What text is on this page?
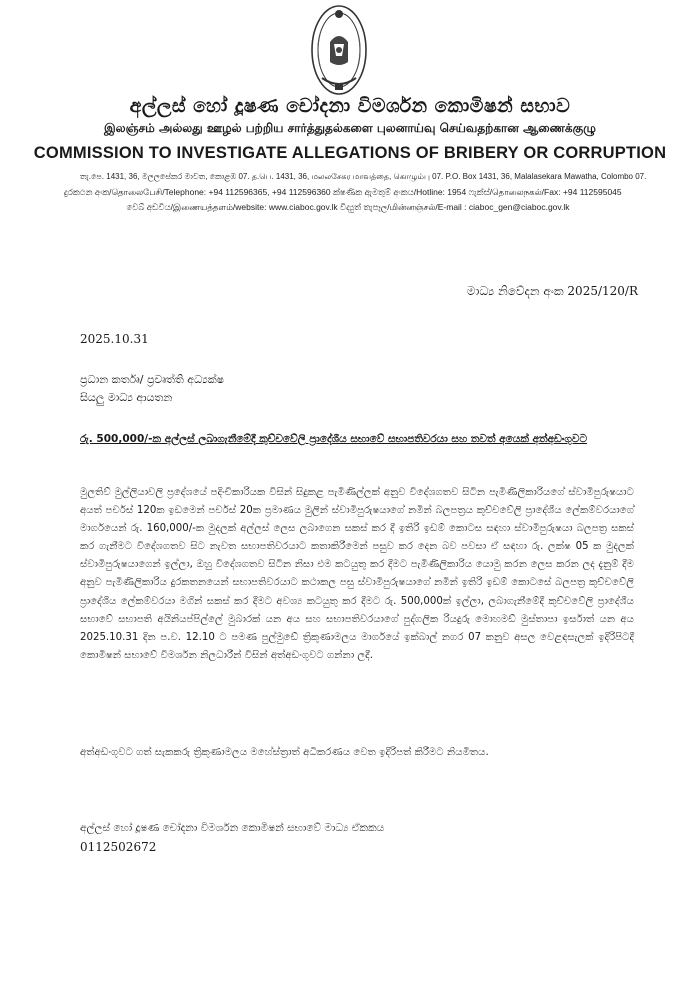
අල්ලස් හෝ දූෂණ චෝදනා විමර්ශන කොමිෂන් සභාව
இலஞ்சம் அல்லது ஊழல் பற்றிய சார்த்துதல்களை புலனாய்வு செய்வதற்கான ஆணைக்குழு
COMMISSION TO INVESTIGATE ALLEGATIONS OF BRIBERY OR CORRUPTION
තැ.පෙ. 1431, 36, මලලසේකර මාවත, කොළඹ 07. த.பெ. 1431, 36, மலலசேகர மாவத்தை, கொழும்பு 07. P.O. Box 1431, 36, Malalasekara Mawatha, Colombo 07.
දුරකථන අංක/தொலைபேசி/Telephone: +94 112596365, +94 112596360 ක්ෂණික ඇමතුම් අංකය/Hotline: 1954 ෆැක්ස්/தொலைநகல்/Fax: +94 112595045
වෙබ් අඩවිය/இணையத்தளம்/website: www.ciaboc.gov.lk විද්‍යුත් තැපෑල/மின்னஞ்சல்/E-mail : ciaboc_gen@ciaboc.gov.lk
මාධ්‍ය නිවේදන අංක 2025/120/R
2025.10.31
ප්‍රධාන කර්තෘ/ ප්‍රවෘත්ති අධ්‍යක්ෂ
සියලු මාධ්‍ය ආයතන
රු. 500,000/-ක අල්ලස් ලබාගැනීමේදී කුච්චවේලි ප්‍රාදේශීය සභාවේ සභාපතිවරයා සහ තවත් අයෙක් අත්අඩංගුවට
මුලතිව් මුල්ලියාවලි ප්‍රදේශයේ පදිංචිකාරියක විසින් සිදුකළ පැමිණිල්ලක් අනුව විදේශගතව සිටින පැමිණිලිකාරියගේ ස්වාමිපුරුෂයාට අයත් පර්චස් 120ක ඉඩමෙන් පර්චස් 20ක ප්‍රමාණය මුලින් ස්වාමිපුරුෂයාගේ නමින් බලපත්‍රය කුච්චවේලි ප්‍රාදේශීය ලේකම්වරයාගේ මාර්ගයෙන් රු. 160,000/-ක මුදලක් අල්ලස් ලෙස ලබාගෙන සකස් කර දී ඉතිරි ඉඩම් කොටස සඳහා ස්වාමිපුරුෂයා බලපත්‍ර සකස් කර ගැනීමට විදේශගතව සිට නැවත සභාපතිවරයාට කතාකිරීමෙන් පසුව කර දෙන බව පවසා ඒ සඳහා රු. ලක්ෂ 05 ක මුදලක් ස්වාමිපුරුෂයාගෙන් ඉල්ලා, ඔහු විදේශගතව සිටින නිසා එම කටයුතු කර දීමට පැමිණිලිකාරිය යොමු කරන ලෙස කරන ලද දැනුම් දීම අනුව පැමිණිලිකාරිය දුරකතනයෙන් සභාපතිවරයාට කථාකල පසු ස්වාමිපුරුෂයාගේ නමින් ඉතිරි ඉඩම් කොටසේ බලපත්‍ර කුච්චවේලි ප්‍රාදේශීය ලේකම්වරයා මගින් සකස් කර දීමට අවශ්‍ය කටයුතු කර දීමට රු. 500,000ක් ඉල්ලා, ලබාගැනීමේදී කුච්චවේලි ප්‍රාදේශීය සභාවේ සභාපති අයිනියප්පිල්ලේ මුබාරක් යන අය සහ සභාපතිවරයාගේ පුද්ගලික රියදුරු මොහමඩ් මුස්තාපා ඉර්සාත් යන අය 2025.10.31 දින ප.ව. 12.10 ට පමණ පුල්මුඩේ ත්‍රිකුණාමලය මාර්ගයේ ඉක්බාල් නගර 07 කනුව අසල වෙළඳසැලක් ඉදිරිපිටදී කොමිෂන් සභාවේ විමර්ශන නිලධාරීන් විසින් අත්අඩංගුවට ගන්නා ලදී.
අත්අඩංගුවට ගත් සැකකරු ත්‍රිකුණාමලය මහේස්ත්‍රාත් අධිකරණය වෙත ඉදිරිපත් කිරීමට නියමිතය.
අල්ලස් හෝ දූෂණ චෝදනා විමර්ශන කොමිෂන් සභාවේ මාධ්‍ය ඒකකය
0112502672
